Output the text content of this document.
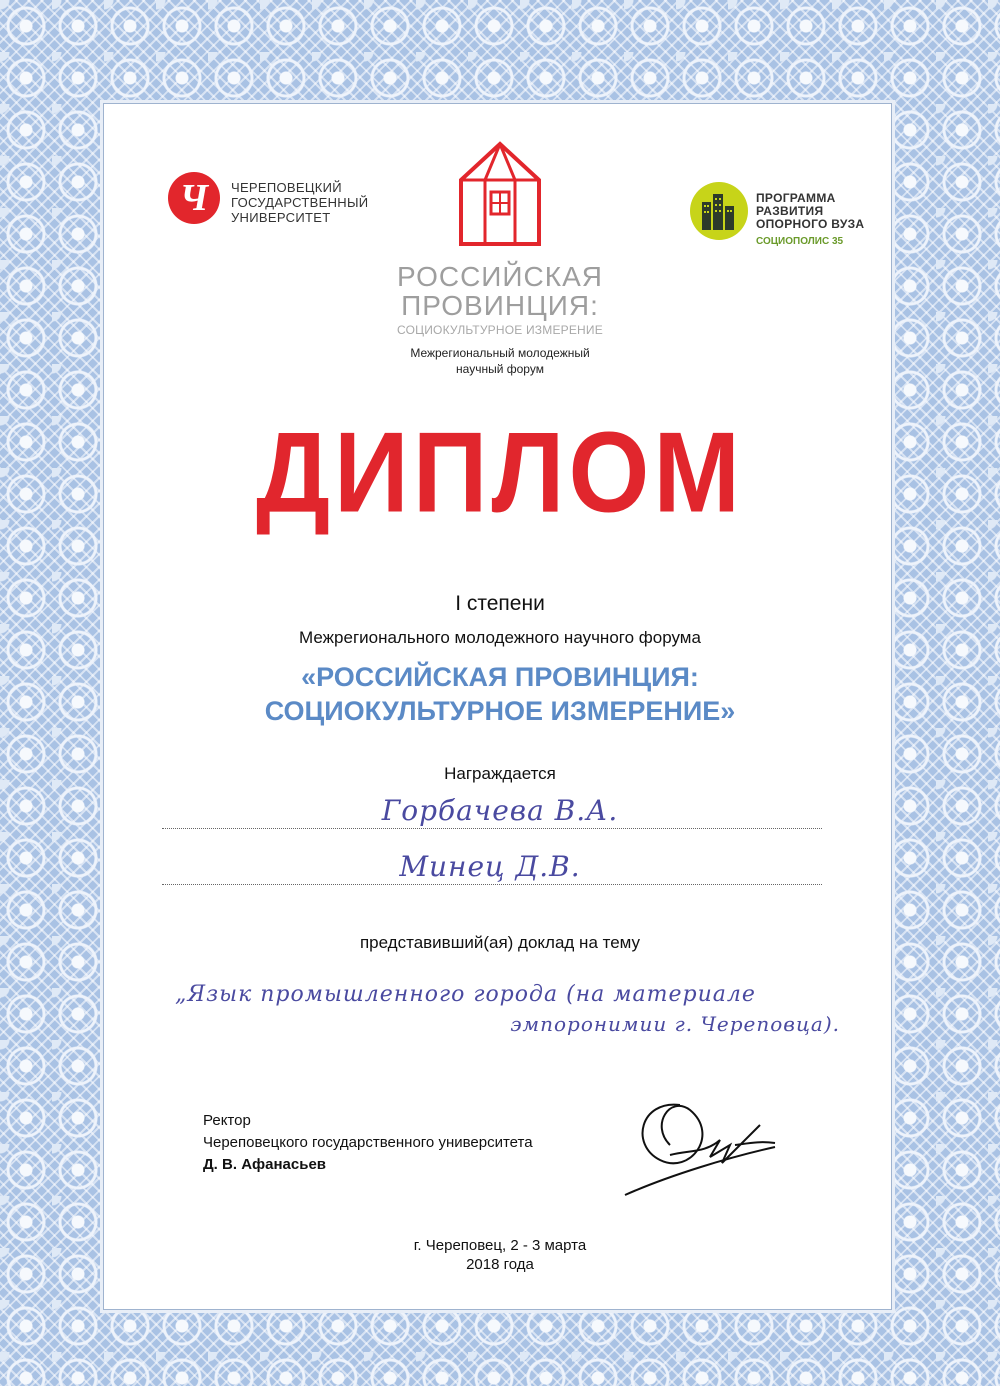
Ч	ЧЕРЕПОВЕЦКИЙ
ГОСУДАРСТВЕННЫЙ
УНИВЕРСИТЕТ
РОССИЙСКАЯ
ПРОВИНЦИЯ:
СОЦИОКУЛЬТУРНОЕ ИЗМЕРЕНИЕ
Межрегиональный молодежный
научный форум
ПРОГРАММА
РАЗВИТИЯ
ОПОРНОГО ВУЗА
СОЦИОПОЛИС 35
ДИПЛОМ
I степени
Межрегионального молодежного научного форума
«РОССИЙСКАЯ ПРОВИНЦИЯ:
СОЦИОКУЛЬТУРНОЕ ИЗМЕРЕНИЕ»
Награждается
Горбачева В.А.
Минец Д.В.
представивший(ая) доклад на тему
„Язык промышленного города (на материале
эмпоронимии г. Череповца).
Ректор
Череповецкого государственного университета
Д. В. Афанасьев
г. Череповец, 2 - 3 марта
2018 года
